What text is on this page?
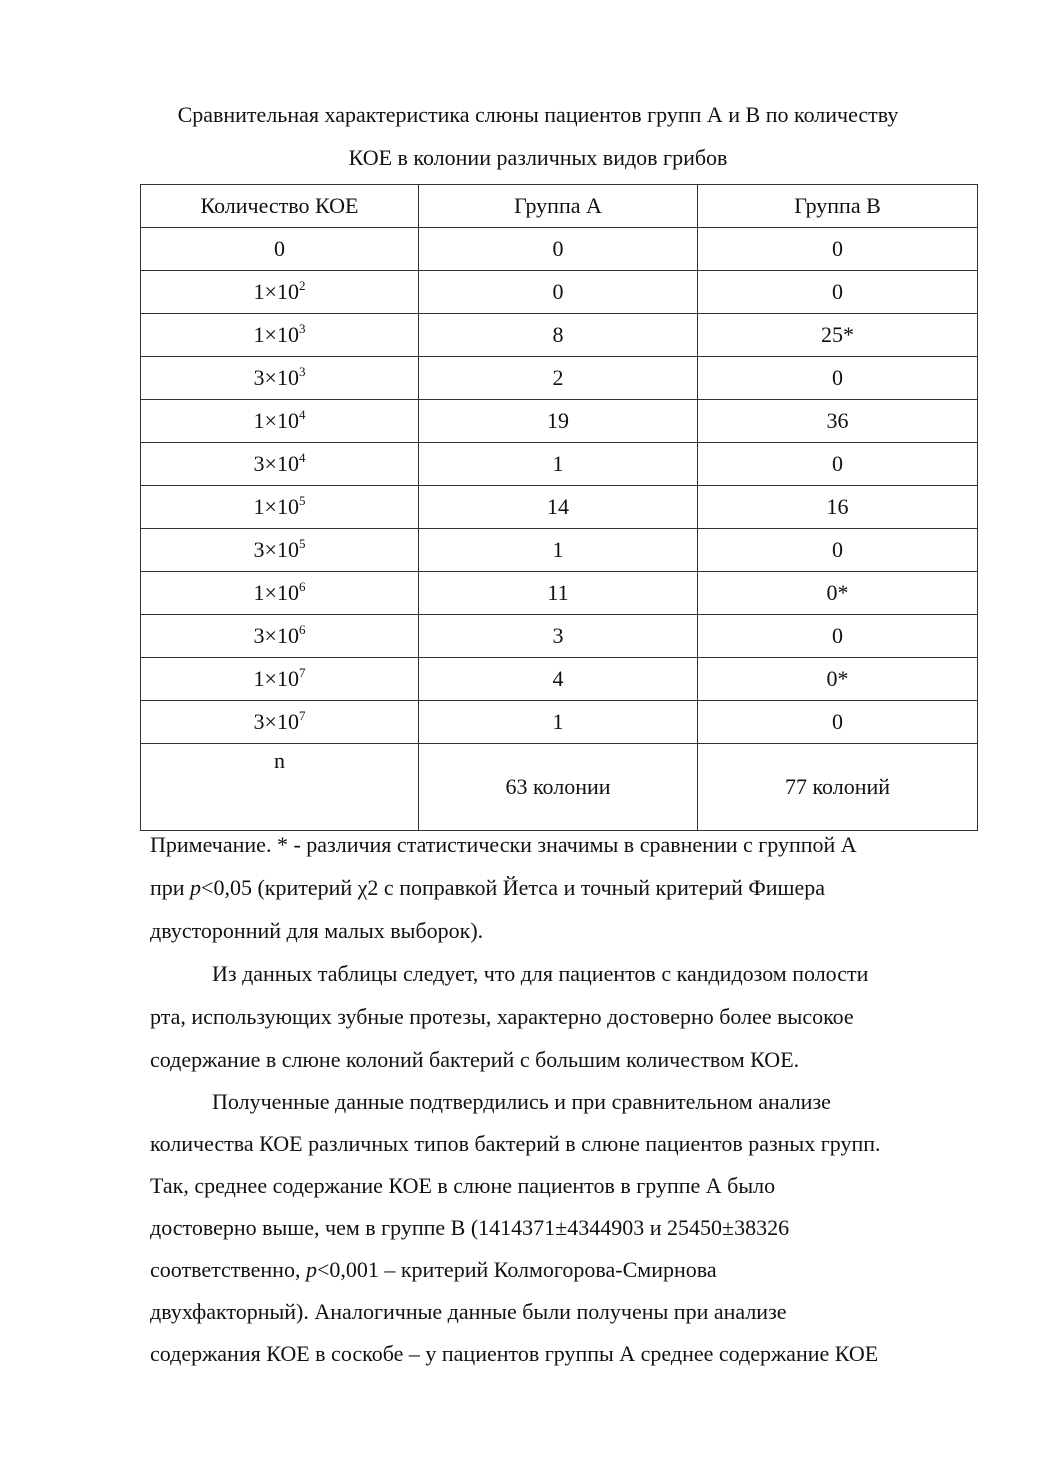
Сравнительная характеристика слюны пациентов групп А и В по количеству

КОЕ в колонии различных видов грибов

Количество КОЕ	Группа А	Группа В
0	0	0
$1\times 10^2$	0	0
$1\times 10^3$	8	25*
$3\times 10^3$	2	0
$1\times 10^4$	19	36
$3\times 10^4$	1	0
$1\times 10^5$	14	16
$3\times 10^5$	1	0
$1\times 10^6$	11	0*
$3\times 10^6$	3	0
$1\times 10^7$	4	0*
$3\times 10^7$	1	0
n	63 колонии	77 колоний

Примечание. * - различия статистически значимы в сравнении с группой А

при p<0,05 (критерий χ2 с поправкой Йетса и точный критерий Фишера

двусторонний для малых выборок).

Из данных таблицы следует, что для пациентов с кандидозом полости

рта, использующих зубные протезы, характерно достоверно более высокое

содержание в слюне колоний бактерий с большим количеством КОЕ.

Полученные данные подтвердились и при сравнительном анализе

количества КОЕ различных типов бактерий в слюне пациентов разных групп.

Так, среднее содержание КОЕ в слюне пациентов в группе А было

достоверно выше, чем в группе В (1414371±4344903 и 25450±38326

соответственно, p<0,001 – критерий Колмогорова-Смирнова

двухфакторный). Аналогичные данные были получены при анализе

содержания КОЕ в соскобе – у пациентов группы А среднее содержание КОЕ
